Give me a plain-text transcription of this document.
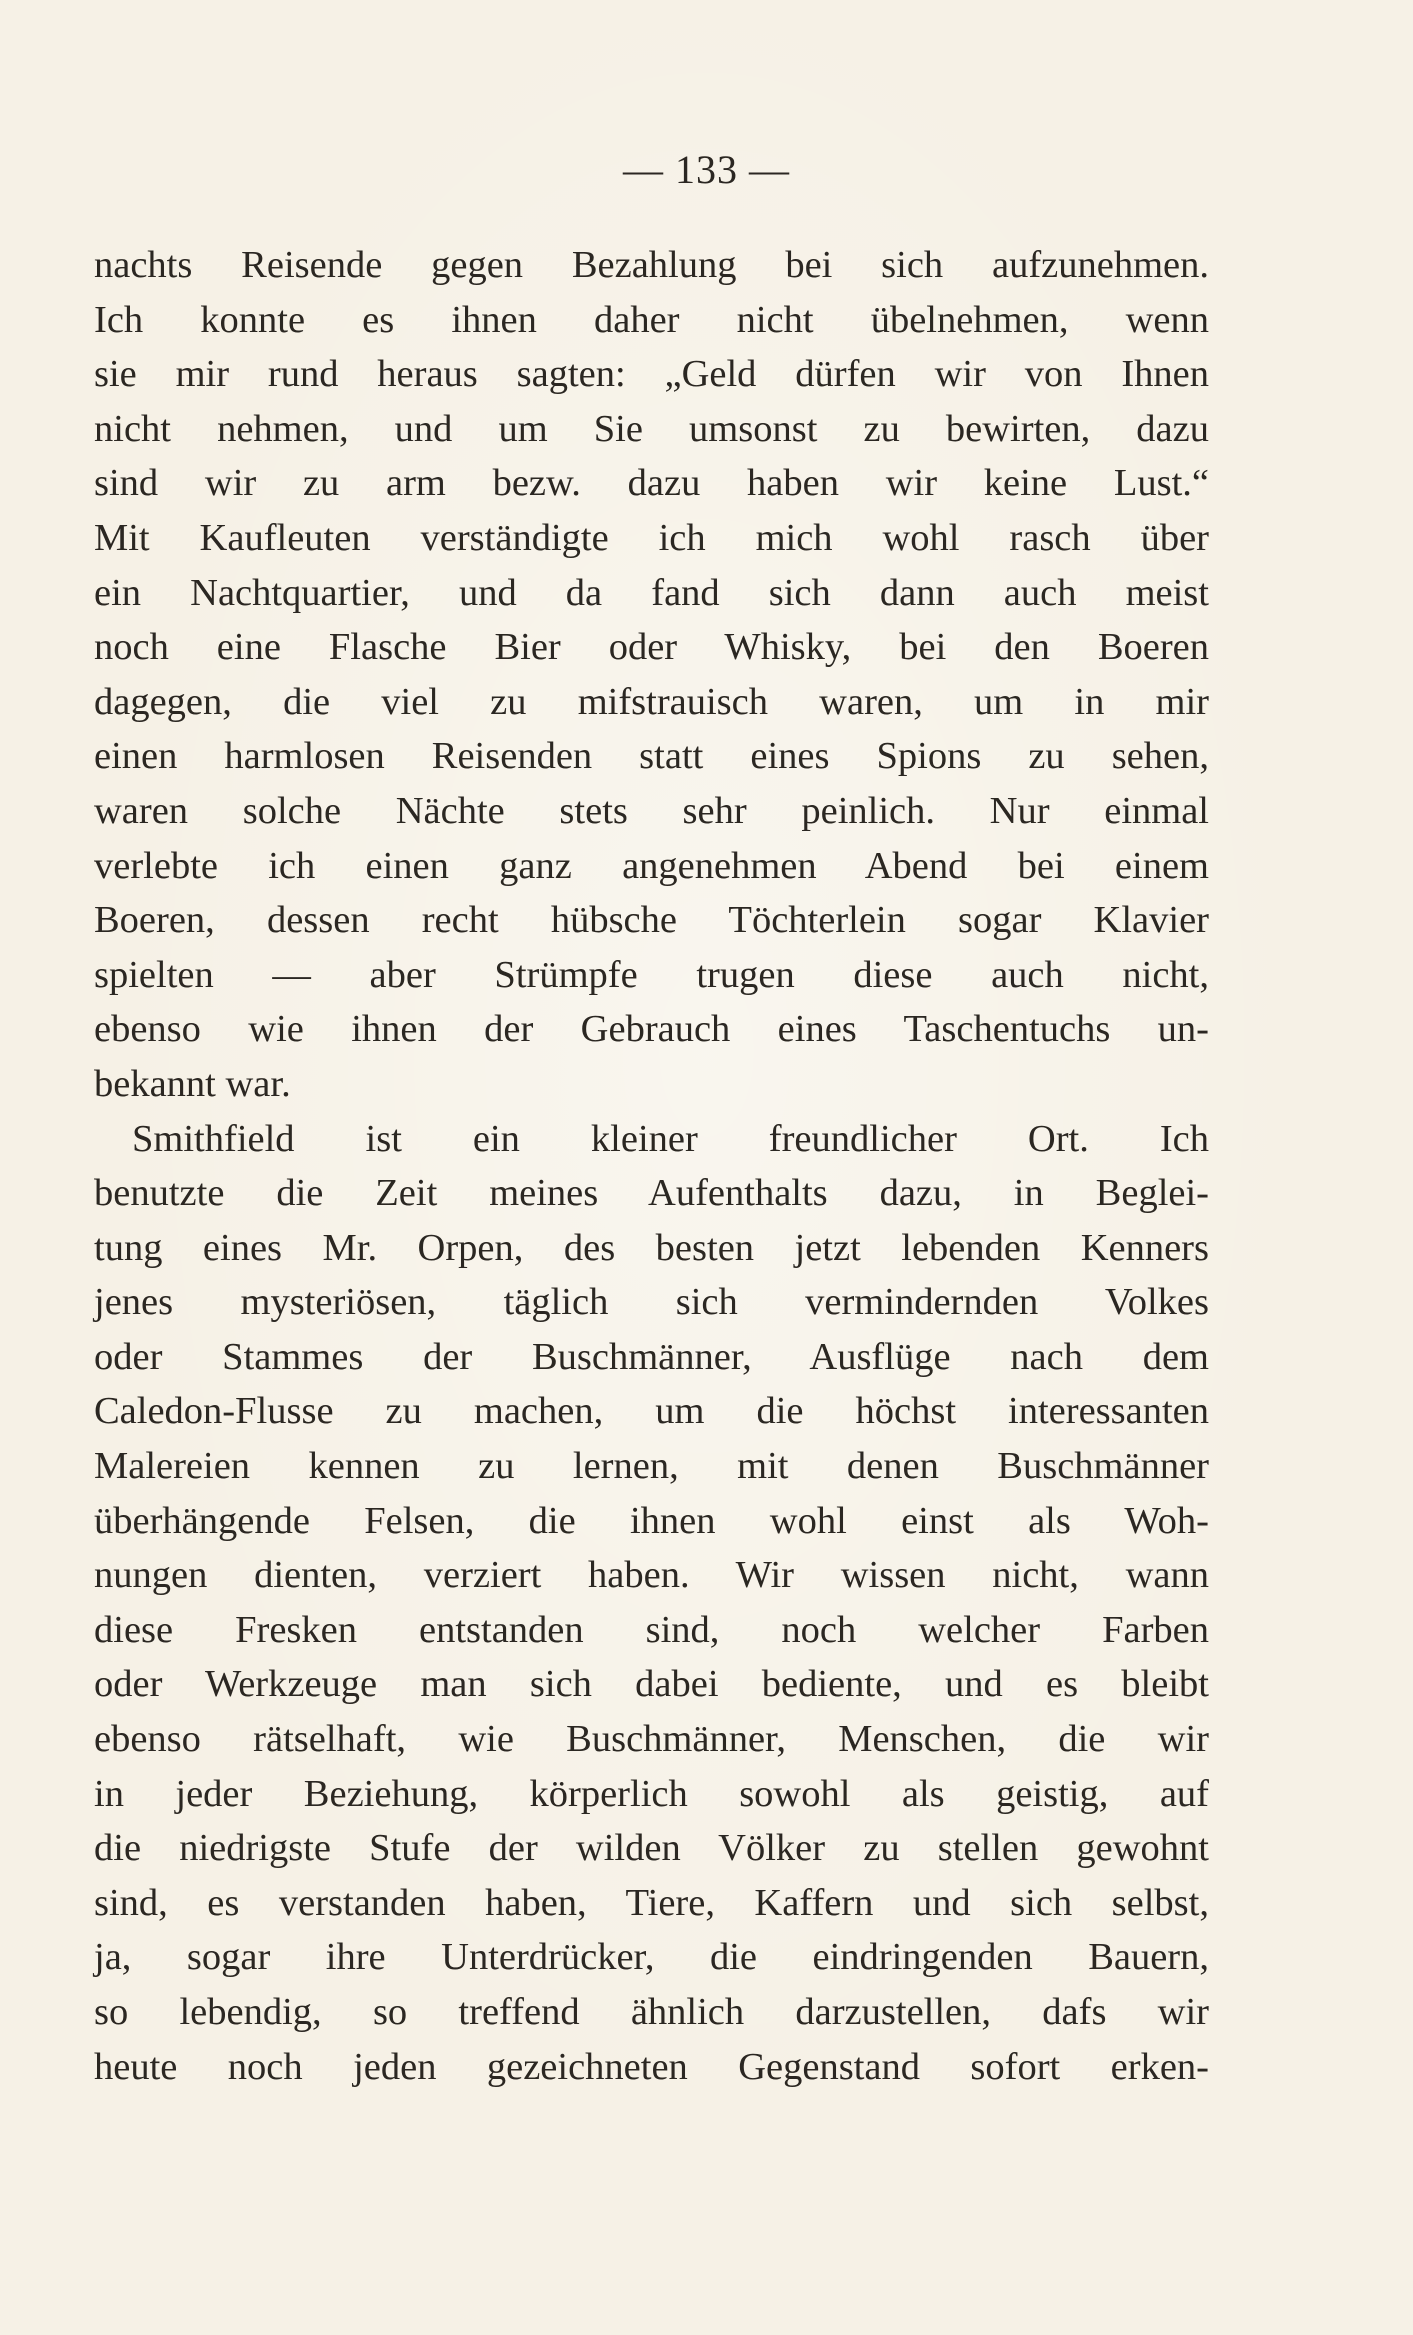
— 133 —
nachts Reisende gegen Bezahlung bei sich aufzunehmen.
Ich konnte es ihnen daher nicht übelnehmen, wenn
sie mir rund heraus sagten: „Geld dürfen wir von Ihnen
nicht nehmen, und um Sie umsonst zu bewirten, dazu
sind wir zu arm bezw. dazu haben wir keine Lust.“
Mit Kaufleuten verständigte ich mich wohl rasch über
ein Nachtquartier, und da fand sich dann auch meist
noch eine Flasche Bier oder Whisky, bei den Boeren
dagegen, die viel zu mifstrauisch waren, um in mir
einen harmlosen Reisenden statt eines Spions zu sehen,
waren solche Nächte stets sehr peinlich. Nur einmal
verlebte ich einen ganz angenehmen Abend bei einem
Boeren, dessen recht hübsche Töchterlein sogar Klavier
spielten — aber Strümpfe trugen diese auch nicht,
ebenso wie ihnen der Gebrauch eines Taschentuchs un-
bekannt war.
Smithfield ist ein kleiner freundlicher Ort. Ich
benutzte die Zeit meines Aufenthalts dazu, in Beglei-
tung eines Mr. Orpen, des besten jetzt lebenden Kenners
jenes mysteriösen, täglich sich vermindernden Volkes
oder Stammes der Buschmänner, Ausflüge nach dem
Caledon-Flusse zu machen, um die höchst interessanten
Malereien kennen zu lernen, mit denen Buschmänner
überhängende Felsen, die ihnen wohl einst als Woh-
nungen dienten, verziert haben. Wir wissen nicht, wann
diese Fresken entstanden sind, noch welcher Farben
oder Werkzeuge man sich dabei bediente, und es bleibt
ebenso rätselhaft, wie Buschmänner, Menschen, die wir
in jeder Beziehung, körperlich sowohl als geistig, auf
die niedrigste Stufe der wilden Völker zu stellen gewohnt
sind, es verstanden haben, Tiere, Kaffern und sich selbst,
ja, sogar ihre Unterdrücker, die eindringenden Bauern,
so lebendig, so treffend ähnlich darzustellen, dafs wir
heute noch jeden gezeichneten Gegenstand sofort erken-
